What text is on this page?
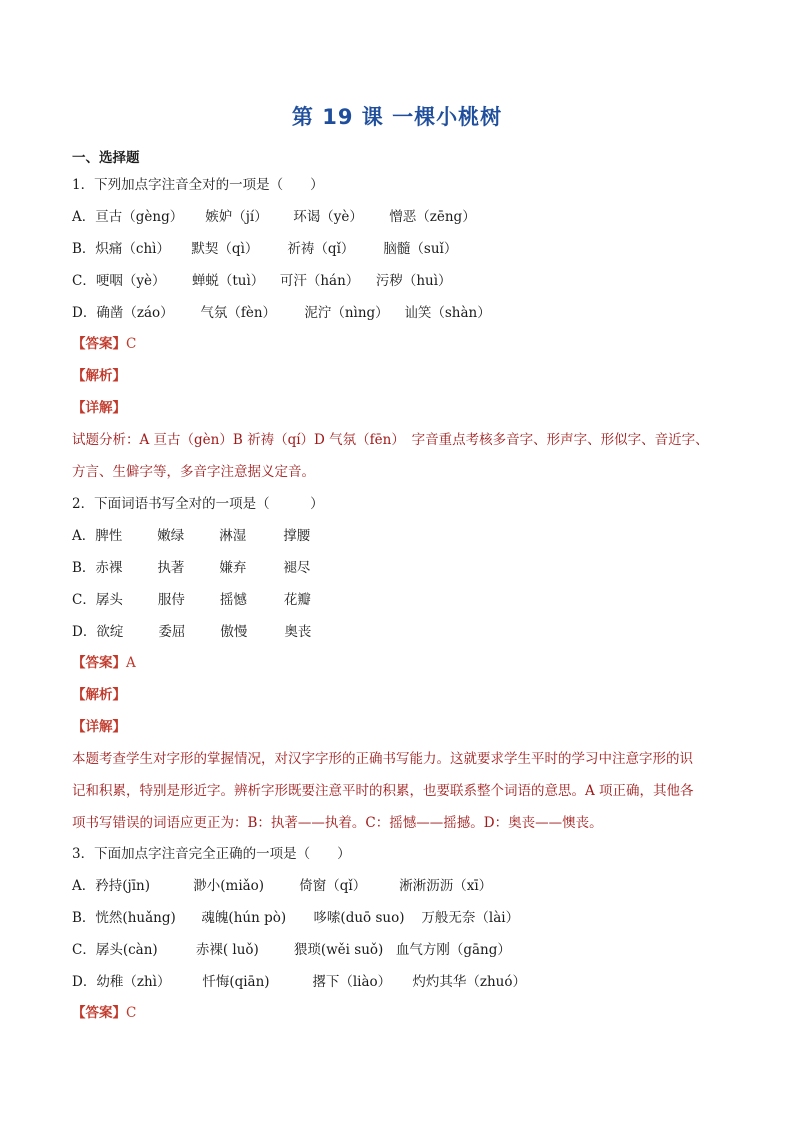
第 19 课 一棵小桃树
一、选择题
1．下列加点字注音全对的一项是（　　）
A．亘古（gèng） 嫉妒（jí） 环谒（yè） 憎恶（zēng）
B．炽痛（chì） 默契（qì） 祈祷（qǐ） 脑髓（suǐ）
C．哽咽（yè） 蝉蜕（tuì） 可汗（hán） 污秽（huì）
D．确凿（záo） 气氛（fèn） 泥泞（nìng） 讪笑（shàn）
【答案】C
【解析】
【详解】
试题分析：A 亘古（gèn）B 祈祷（qí）D 气氛（fēn）　字音重点考核多音字、形声字、形似字、音近字、
方言、生僻字等，多音字注意据义定音。
2．下面词语书写全对的一项是（　　　）
A．脾性	嫩绿	淋湿	撑腰
B．赤裸	执著	嫌弃	褪尽
C．孱头	服侍	摇憾	花瓣
D．欲绽	委屈	傲慢	奥丧
【答案】A
【解析】
【详解】
本题考查学生对字形的掌握情况，对汉字字形的正确书写能力。这就要求学生平时的学习中注意字形的识
记和积累，特别是形近字。辨析字形既要注意平时的积累，也要联系整个词语的意思。A 项正确，其他各
项书写错误的词语应更正为：B：执著——执着。C：摇憾——摇撼。D：奥丧——懊丧。
3．下面加点字注音完全正确的一项是（　　）
A．矜持(jīn)	渺小(miǎo)	倚窗（qǐ） 淅淅沥沥（xī）
B．恍然(huǎng) 魂魄(hún pò) 哆嗦(duō suo) 万般无奈（lài）
C．孱头(càn)	赤裸( luǒ)	猥琐(wěi suǒ) 血气方刚（gāng）
D．幼稚（zhì） 忏悔(qiān)	撂下（liào） 灼灼其华（zhuó）
【答案】C
